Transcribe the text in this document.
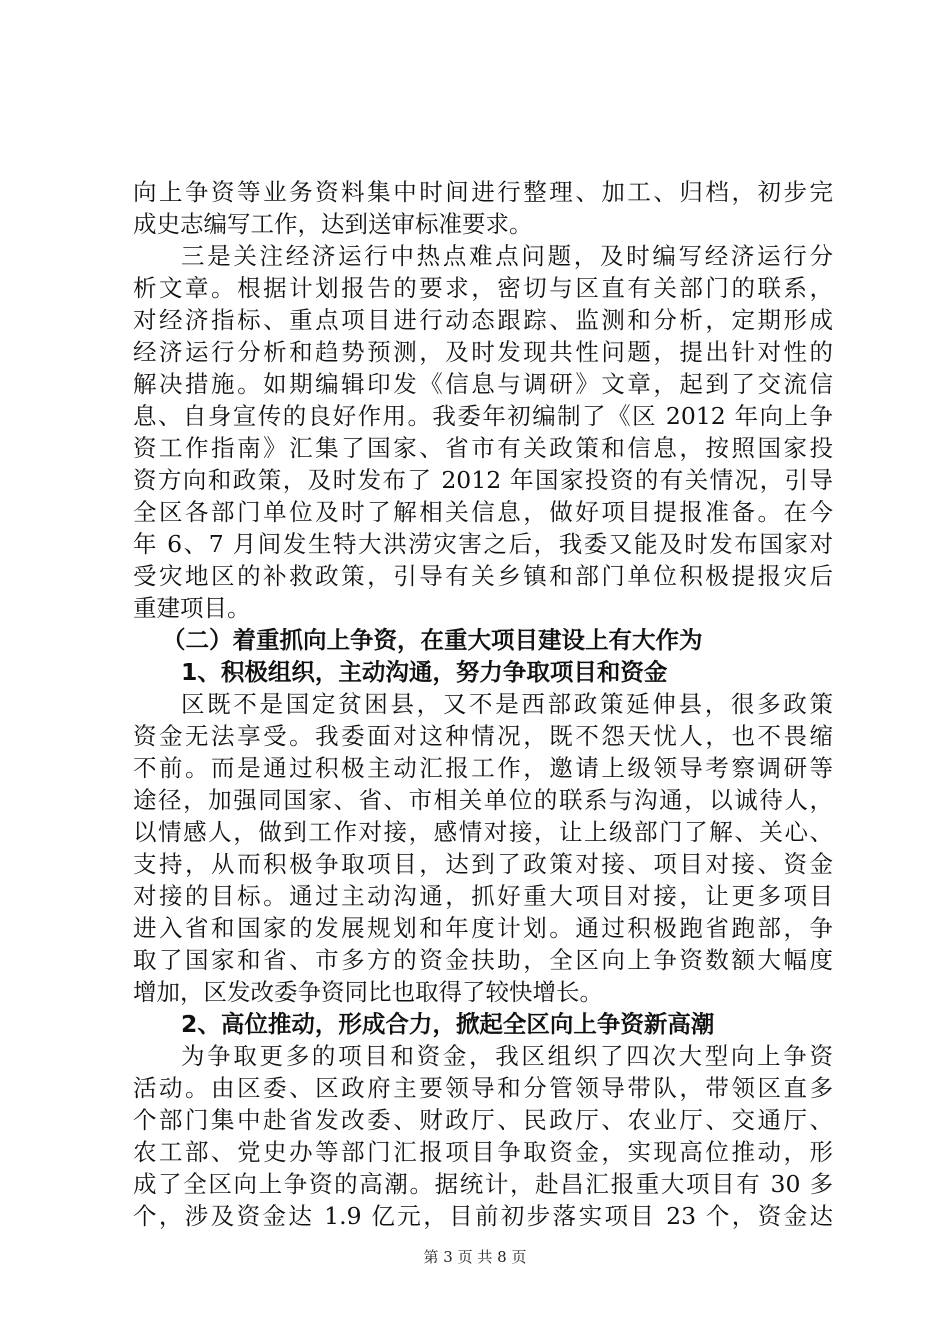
向上争资等业务资料集中时间进行整理、加工、归档，初步完
成史志编写工作，达到送审标准要求。
三是关注经济运行中热点难点问题，及时编写经济运行分
析文章。根据计划报告的要求，密切与区直有关部门的联系，
对经济指标、重点项目进行动态跟踪、监测和分析，定期形成
经济运行分析和趋势预测，及时发现共性问题，提出针对性的
解决措施。如期编辑印发《信息与调研》文章，起到了交流信
息、自身宣传的良好作用。我委年初编制了《区 2012 年向上争
资工作指南》汇集了国家、省市有关政策和信息，按照国家投
资方向和政策，及时发布了 2012 年国家投资的有关情况，引导
全区各部门单位及时了解相关信息，做好项目提报准备。在今
年 6、7 月间发生特大洪涝灾害之后，我委又能及时发布国家对
受灾地区的补救政策，引导有关乡镇和部门单位积极提报灾后
重建项目。
（二）着重抓向上争资，在重大项目建设上有大作为
1、积极组织，主动沟通，努力争取项目和资金
区既不是国定贫困县，又不是西部政策延伸县，很多政策
资金无法享受。我委面对这种情况，既不怨天忧人，也不畏缩
不前。而是通过积极主动汇报工作，邀请上级领导考察调研等
途径，加强同国家、省、市相关单位的联系与沟通，以诚待人，
以情感人，做到工作对接，感情对接，让上级部门了解、关心、
支持，从而积极争取项目，达到了政策对接、项目对接、资金
对接的目标。通过主动沟通，抓好重大项目对接，让更多项目
进入省和国家的发展规划和年度计划。通过积极跑省跑部，争
取了国家和省、市多方的资金扶助，全区向上争资数额大幅度
增加，区发改委争资同比也取得了较快增长。
2、高位推动，形成合力，掀起全区向上争资新高潮
为争取更多的项目和资金，我区组织了四次大型向上争资
活动。由区委、区政府主要领导和分管领导带队，带领区直多
个部门集中赴省发改委、财政厅、民政厅、农业厅、交通厅、
农工部、党史办等部门汇报项目争取资金，实现高位推动，形
成了全区向上争资的高潮。据统计，赴昌汇报重大项目有 30 多
个，涉及资金达 1.9 亿元，目前初步落实项目 23 个，资金达
第 3 页 共 8 页
